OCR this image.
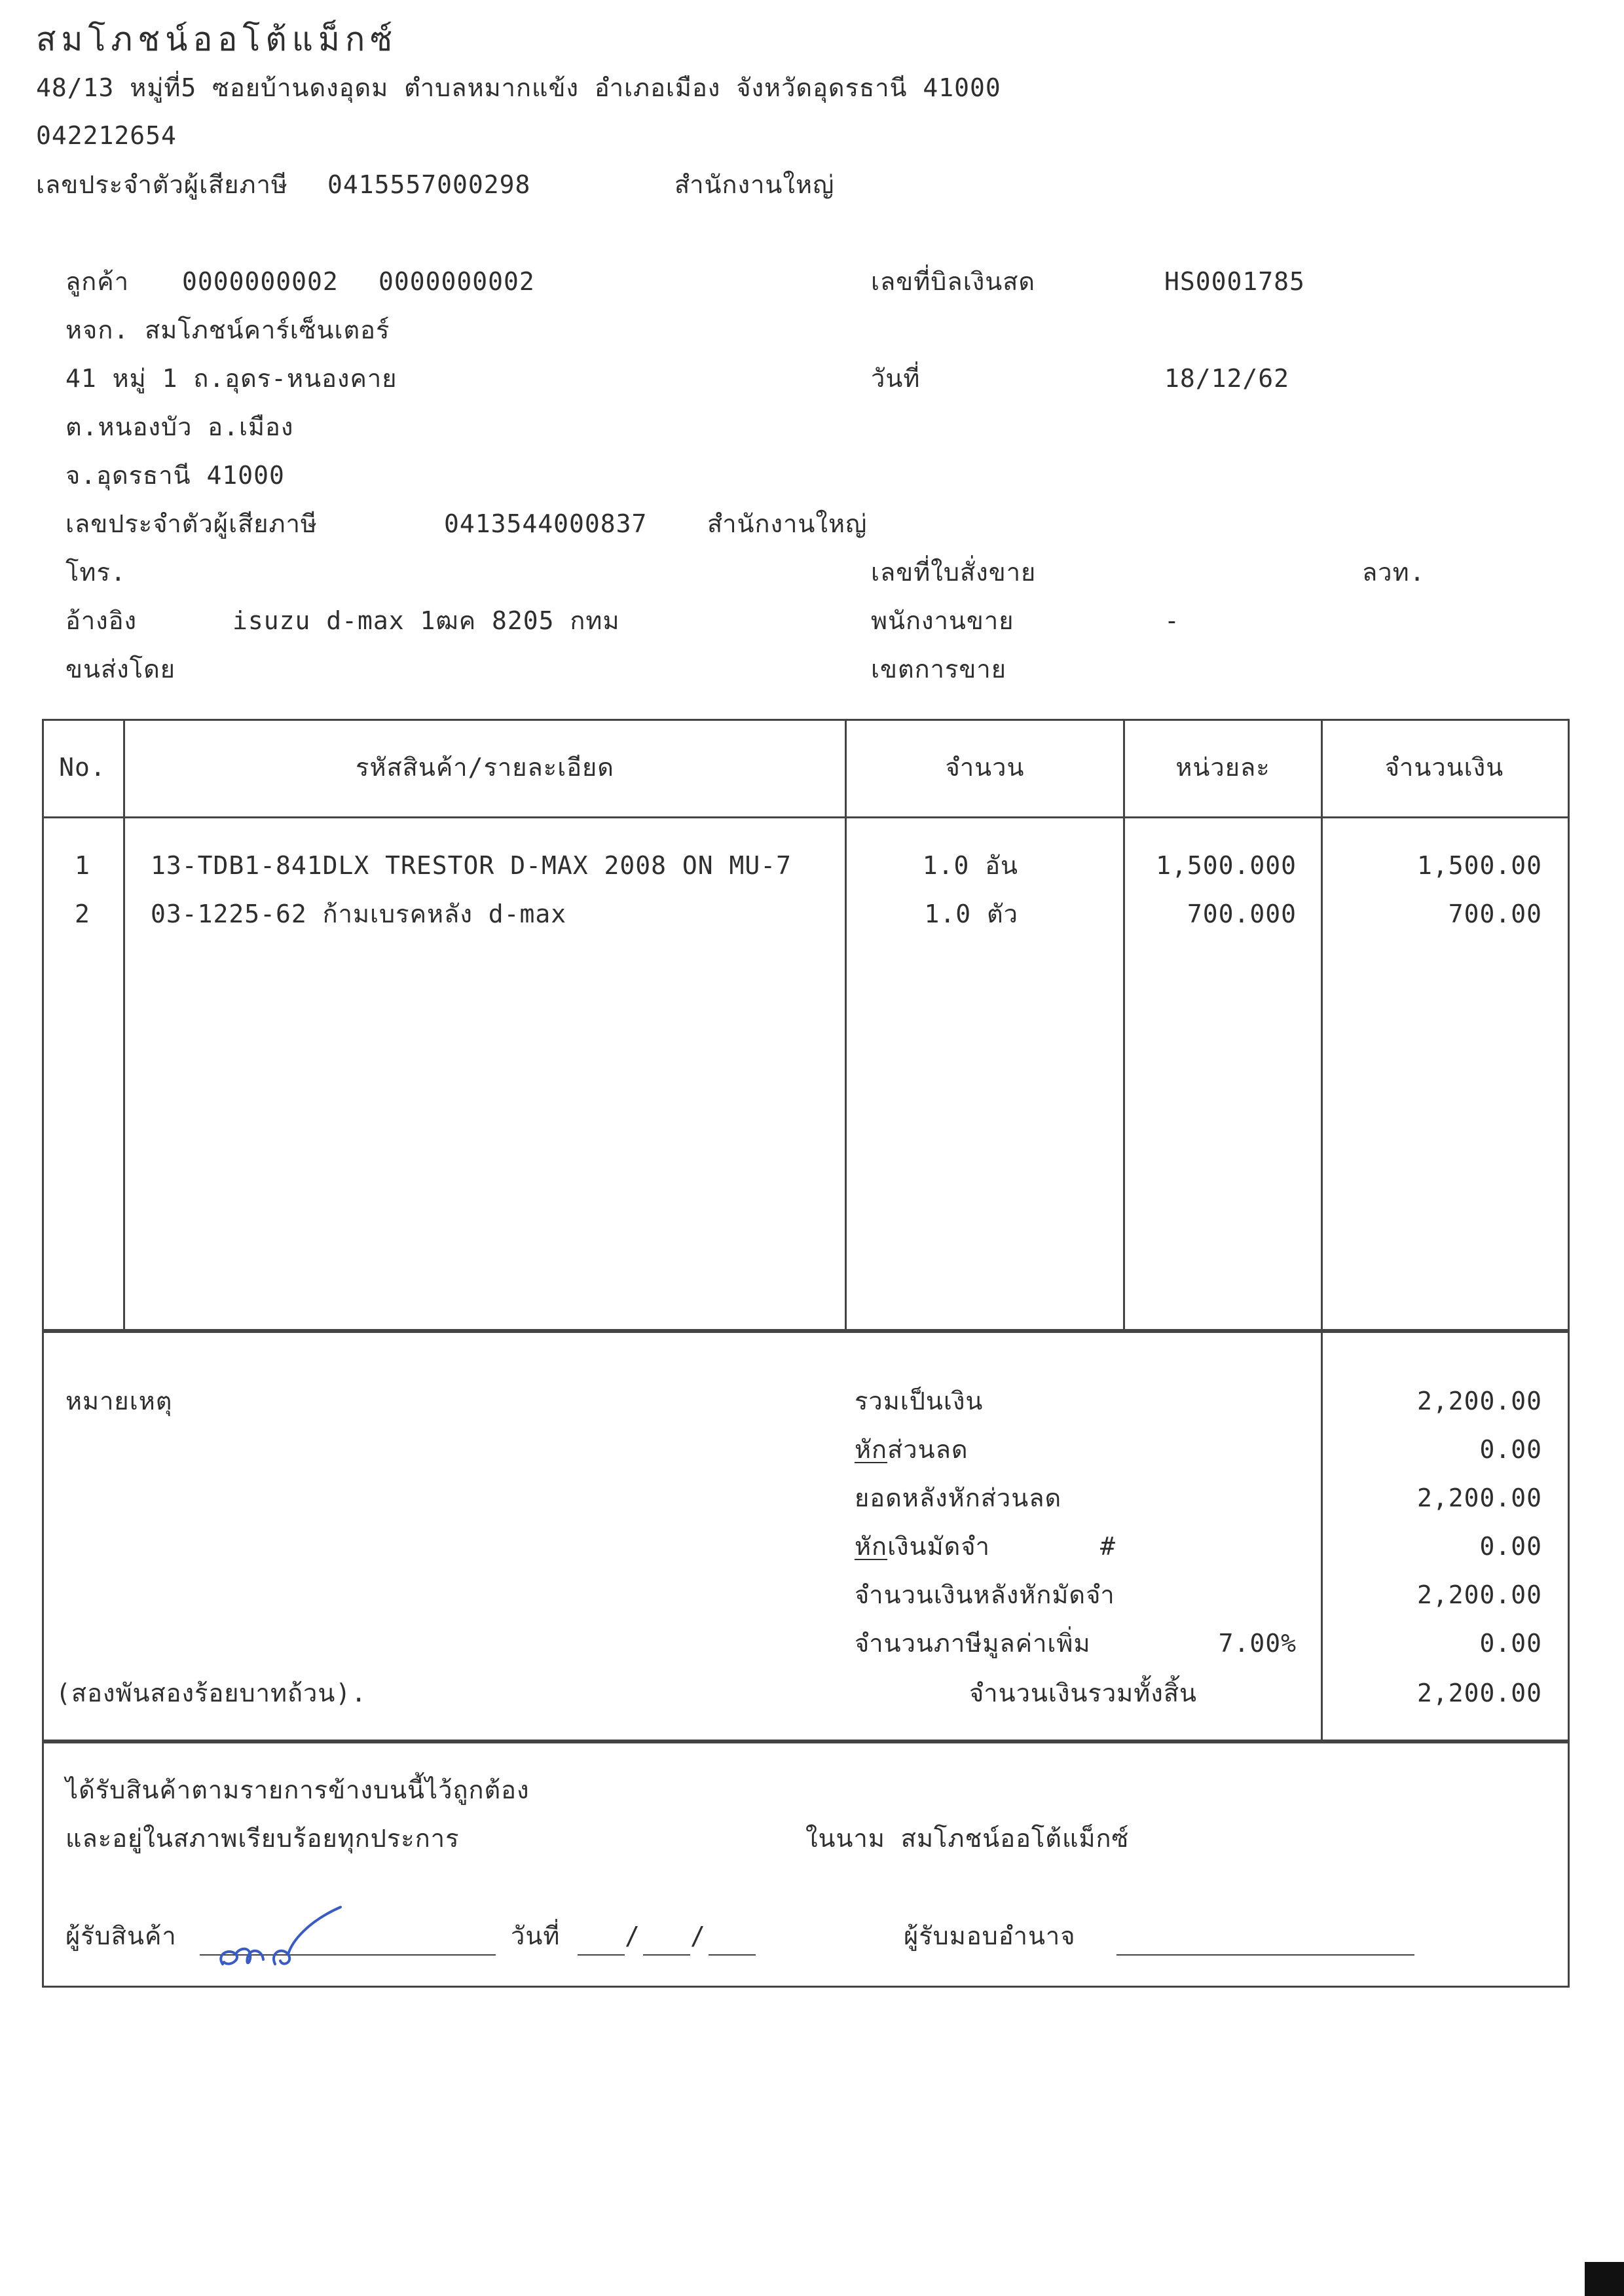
สมโภชน์ออโต้แม็กซ์
48/13 หมู่ที่5 ซอยบ้านดงอุดม ตำบลหมากแข้ง อำเภอเมือง จังหวัดอุดรธานี 41000
042212654
เลขประจำตัวผู้เสียภาษี 0415557000298	สำนักงานใหญ่
ลูกค้า 0000000002 0000000002
หจก. สมโภชน์คาร์เซ็นเตอร์
41 หมู่ 1 ถ.อุดร-หนองคาย
ต.หนองบัว อ.เมือง
จ.อุดรธานี 41000
เลขประจำตัวผู้เสียภาษี	0413544000837 สำนักงานใหญ่
โทร.
อ้างอิง	isuzu d-max 1ฒค 8205 กทม
ขนส่งโดย
เลขที่บิลเงินสด	HS0001785
วันที่	18/12/62
เลขที่ใบสั่งขาย	ลวท.
พนักงานขาย	-
เขตการขาย
No.	รหัสสินค้า/รายละเอียด	จำนวน	หน่วยละ	จำนวนเงิน
1	13-TDB1-841DLX TRESTOR D-MAX 2008 ON MU-7	1.0 อัน	1,500.000	1,500.00
2	03-1225-62 ก้ามเบรคหลัง d-max	1.0 ตัว	700.000	700.00
หมายเหตุ	รวมเป็นเงิน	2,200.00
หักส่วนลด	0.00
ยอดหลังหักส่วนลด	2,200.00
หักเงินมัดจำ	#	0.00
จำนวนเงินหลังหักมัดจำ	2,200.00
จำนวนภาษีมูลค่าเพิ่ม	7.00%	0.00
(สองพันสองร้อยบาทถ้วน).	จำนวนเงินรวมทั้งสิ้น	2,200.00
ได้รับสินค้าตามรายการข้างบนนี้ไว้ถูกต้อง
และอยู่ในสภาพเรียบร้อยทุกประการ	ในนาม สมโภชน์ออโต้แม็กซ์
ผู้รับสินค้า	วันที่	/ /	ผู้รับมอบอำนาจ
